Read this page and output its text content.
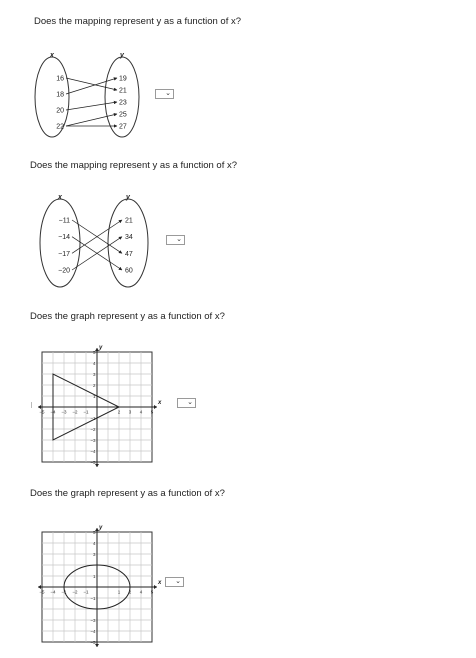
Does the mapping represent y as a function of x?
x	y
16
18
20
22
19
21
23
25
27
⌄
Does the mapping represent y as a function of x?
x	y
−11
−14
−17
−20
21
34
47
60
⌄
Does the graph represent y as a function of x?
x
y
−5 −4 −3 −2 −1	2 3 4 5
5
4
3
2
1
−1
−2
−3
−4
−5
⌄
Does the graph represent y as a function of x?
x
y
−5 −4 −1 −2 −1	1 2 4 5
5
4
3
1
−1
−3
−4
−5
⌄
